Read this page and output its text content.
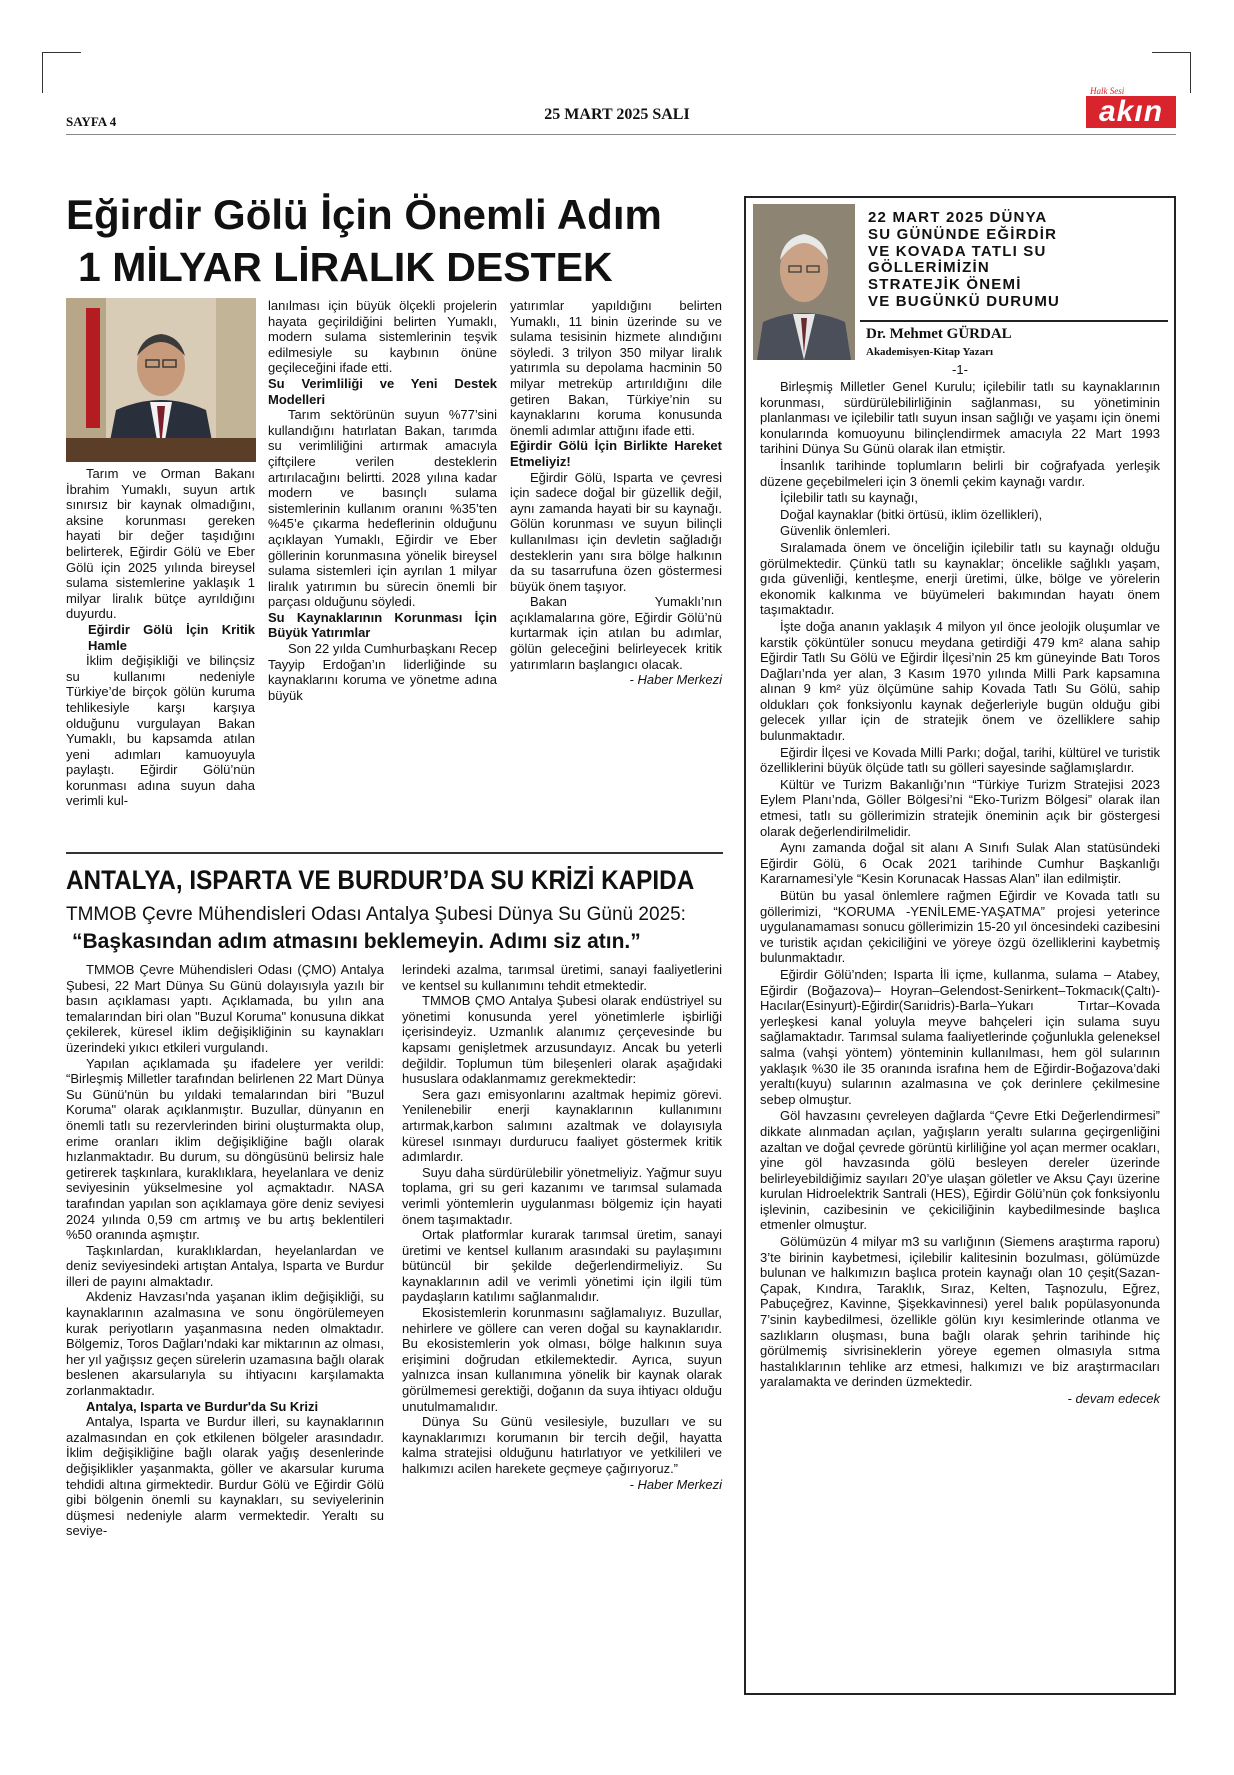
SAYFA 4	25 MART 2025 SALI
Halk Sesi
akın
Eğirdir Gölü İçin Önemli Adım
1 MİLYAR LİRALIK DESTEK

Tarım ve Orman Bakanı İbrahim Yumaklı, suyun artık sınırsız bir kaynak olmadığını, aksine korunması gereken hayati bir değer taşıdığını belirterek, Eğirdir Gölü ve Eber Gölü için 2025 yılında bireysel sulama sistemlerine yaklaşık 1 milyar liralık bütçe ayrıldığını duyurdu.

Eğirdir Gölü İçin Kritik Hamle

İklim değişikliği ve bilinçsiz su kullanımı nedeniyle Türkiye’de birçok gölün kuruma tehlikesiyle karşı karşıya olduğunu vurgulayan Bakan Yumaklı, bu kapsamda atılan yeni adımları kamuoyuyla paylaştı. Eğirdir Gölü’nün korunması adına suyun daha verimli kul-

lanılması için büyük ölçekli projelerin hayata geçirildiğini belirten Yumaklı, modern sulama sistemlerinin teşvik edilmesiyle su kaybının önüne geçileceğini ifade etti.

Su Verimliliği ve Yeni Destek Modelleri

Tarım sektörünün suyun %77’sini kullandığını hatırlatan Bakan, tarımda su verimliliğini artırmak amacıyla çiftçilere verilen desteklerin artırılacağını belirtti. 2028 yılına kadar modern ve basınçlı sulama sistemlerinin kullanım oranını %35’ten %45’e çıkarma hedeflerinin olduğunu açıklayan Yumaklı, Eğirdir ve Eber göllerinin korunmasına yönelik bireysel sulama sistemleri için ayrılan 1 milyar liralık yatırımın bu sürecin önemli bir parçası olduğunu söyledi.

Su Kaynaklarının Korunması İçin Büyük Yatırımlar

Son 22 yılda Cumhurbaşkanı Recep Tayyip Erdoğan’ın liderliğinde su kaynaklarını koruma ve yönetme adına büyük

yatırımlar yapıldığını belirten Yumaklı, 11 binin üzerinde su ve sulama tesisinin hizmete alındığını söyledi. 3 trilyon 350 milyar liralık yatırımla su depolama hacminin 50 milyar metreküp artırıldığını dile getiren Bakan, Türkiye’nin su kaynaklarını koruma konusunda önemli adımlar attığını ifade etti.

Eğirdir Gölü İçin Birlikte Hareket Etmeliyiz!

Eğirdir Gölü, Isparta ve çevresi için sadece doğal bir güzellik değil, aynı zamanda hayati bir su kaynağı. Gölün korunması ve suyun bilinçli kullanılması için devletin sağladığı desteklerin yanı sıra bölge halkının da su tasarrufuna özen göstermesi büyük önem taşıyor.

Bakan Yumaklı’nın açıklamalarına göre, Eğirdir Gölü’nü kurtarmak için atılan bu adımlar, gölün geleceğini belirleyecek kritik yatırımların başlangıcı olacak.

- Haber Merkezi

ANTALYA, ISPARTA VE BURDUR’DA SU KRİZİ KAPIDA
TMMOB Çevre Mühendisleri Odası Antalya Şubesi Dünya Su Günü 2025:
“Başkasından adım atmasını beklemeyin. Adımı siz atın.”

TMMOB Çevre Mühendisleri Odası (ÇMO) Antalya Şubesi, 22 Mart Dünya Su Günü dolayısıyla yazılı bir basın açıklaması yaptı. Açıklamada, bu yılın ana temalarından biri olan "Buzul Koruma" konusuna dikkat çekilerek, küresel iklim değişikliğinin su kaynakları üzerindeki yıkıcı etkileri vurgulandı.

Yapılan açıklamada şu ifadelere yer verildi: “Birleşmiş Milletler tarafından belirlenen 22 Mart Dünya Su Günü'nün bu yıldaki temalarından biri "Buzul Koruma" olarak açıklanmıştır. Buzullar, dünyanın en önemli tatlı su rezervlerinden birini oluşturmakta olup, erime oranları iklim değişikliğine bağlı olarak hızlanmaktadır. Bu durum, su döngüsünü belirsiz hale getirerek taşkınlara, kuraklıklara, heyelanlara ve deniz seviyesinin yükselmesine yol açmaktadır. NASA tarafından yapılan son açıklamaya göre deniz seviyesi 2024 yılında 0,59 cm artmış ve bu artış beklentileri %50 oranında aşmıştır.

Taşkınlardan, kuraklıklardan, heyelanlardan ve deniz seviyesindeki artıştan Antalya, Isparta ve Burdur illeri de payını almaktadır.

Akdeniz Havzası'nda yaşanan iklim değişikliği, su kaynaklarının azalmasına ve sonu öngörülemeyen kurak periyotların yaşanmasına neden olmaktadır. Bölgemiz, Toros Dağları'ndaki kar miktarının az olması, her yıl yağışsız geçen sürelerin uzamasına bağlı olarak beslenen akarsularıyla su ihtiyacını karşılamakta zorlanmaktadır.

Antalya, Isparta ve Burdur'da Su Krizi

Antalya, Isparta ve Burdur illeri, su kaynaklarının azalmasından en çok etkilenen bölgeler arasındadır. İklim değişikliğine bağlı olarak yağış desenlerinde değişiklikler yaşanmakta, göller ve akarsular kuruma tehdidi altına girmektedir. Burdur Gölü ve Eğirdir Gölü gibi bölgenin önemli su kaynakları, su seviyelerinin düşmesi nedeniyle alarm vermektedir. Yeraltı su seviye-

lerindeki azalma, tarımsal üretimi, sanayi faaliyetlerini ve kentsel su kullanımını tehdit etmektedir.

TMMOB ÇMO Antalya Şubesi olarak endüstriyel su yönetimi konusunda yerel yönetimlerle işbirliği içerisindeyiz. Uzmanlık alanımız çerçevesinde bu kapsamı genişletmek arzusundayız. Ancak bu yeterli değildir. Toplumun tüm bileşenleri olarak aşağıdaki hususlara odaklanmamız gerekmektedir:

Sera gazı emisyonlarını azaltmak hepimiz görevi. Yenilenebilir enerji kaynaklarının kullanımını artırmak,karbon salımını azaltmak ve dolayısıyla küresel ısınmayı durdurucu faaliyet göstermek kritik adımlardır.

Suyu daha sürdürülebilir yönetmeliyiz. Yağmur suyu toplama, gri su geri kazanımı ve tarımsal sulamada verimli yöntemlerin uygulanması bölgemiz için hayati önem taşımaktadır.

Ortak platformlar kurarak tarımsal üretim, sanayi üretimi ve kentsel kullanım arasındaki su paylaşımını bütüncül bir şekilde değerlendirmeliyiz. Su kaynaklarının adil ve verimli yönetimi için ilgili tüm paydaşların katılımı sağlanmalıdır.

Ekosistemlerin korunmasını sağlamalıyız. Buzullar, nehirlere ve göllere can veren doğal su kaynaklarıdır. Bu ekosistemlerin yok olması, bölge halkının suya erişimini doğrudan etkilemektedir. Ayrıca, suyun yalnızca insan kullanımına yönelik bir kaynak olarak görülmemesi gerektiği, doğanın da suya ihtiyacı olduğu unutulmamalıdır.

Dünya Su Günü vesilesiyle, buzulları ve su kaynaklarımızı korumanın bir tercih değil, hayatta kalma stratejisi olduğunu hatırlatıyor ve yetkilileri ve halkımızı acilen harekete geçmeye çağırıyoruz.”

- Haber Merkezi

22 MART 2025 DÜNYA
SU GÜNÜNDE EĞİRDİR
VE KOVADA TATLI SU
GÖLLERİMİZİN
STRATEJİK ÖNEMİ
VE BUGÜNKÜ DURUMU
Dr. Mehmet GÜRDAL
Akademisyen-Kitap Yazarı
-1-

Birleşmiş Milletler Genel Kurulu; içilebilir tatlı su kaynaklarının korunması, sürdürülebilirliğinin sağlanması, su yönetiminin planlanması ve içilebilir tatlı suyun insan sağlığı ve yaşamı için önemi konularında komuoyunu bilinçlendirmek amacıyla 22 Mart 1993 tarihini Dünya Su Günü olarak ilan etmiştir.

İnsanlık tarihinde toplumların belirli bir coğrafyada yerleşik düzene geçebilmeleri için 3 önemli çekim kaynağı vardır.

İçilebilir tatlı su kaynağı,

Doğal kaynaklar (bitki örtüsü, iklim özellikleri),

Güvenlik önlemleri.

Sıralamada önem ve önceliğin içilebilir tatlı su kaynağı olduğu görülmektedir. Çünkü tatlı su kaynaklar; öncelikle sağlıklı yaşam, gıda güvenliği, kentleşme, enerji üretimi, ülke, bölge ve yörelerin ekonomik kalkınma ve büyümeleri bakımından hayatı önem taşımaktadır.

İşte doğa ananın yaklaşık 4 milyon yıl önce jeolojik oluşumlar ve karstik çöküntüler sonucu meydana getirdiği 479 km² alana sahip Eğirdir Tatlı Su Gölü ve Eğirdir İlçesi’nin 25 km güneyinde Batı Toros Dağları’nda yer alan, 3 Kasım 1970 yılında Milli Park kapsamına alınan 9 km² yüz ölçümüne sahip Kovada Tatlı Su Gölü, sahip oldukları çok fonksiyonlu kaynak değerleriyle bugün olduğu gibi gelecek yıllar için de stratejik önem ve özelliklere sahip bulunmaktadır.

Eğirdir İlçesi ve Kovada Milli Parkı; doğal, tarihi, kültürel ve turistik özelliklerini büyük ölçüde tatlı su gölleri sayesinde sağlamışlardır.

Kültür ve Turizm Bakanlığı’nın “Türkiye Turizm Stratejisi 2023 Eylem Planı’nda, Göller Bölgesi’ni “Eko-Turizm Bölgesi” olarak ilan etmesi, tatlı su göllerimizin stratejik öneminin açık bir göstergesi olarak değerlendirilmelidir.

Aynı zamanda doğal sit alanı A Sınıfı Sulak Alan statüsündeki Eğirdir Gölü, 6 Ocak 2021 tarihinde Cumhur Başkanlığı Kararnamesi’yle “Kesin Korunacak Hassas Alan” ilan edilmiştir.

Bütün bu yasal önlemlere rağmen Eğirdir ve Kovada tatlı su göllerimizi, “KORUMA -YENİLEME-YAŞATMA” projesi yeterince uygulanamaması sonucu göllerimizin 15-20 yıl öncesindeki cazibesini ve turistik açıdan çekiciliğini ve yöreye özgü özelliklerini kaybetmiş bulunmaktadır.

Eğirdir Gölü’nden; Isparta İli içme, kullanma, sulama – Atabey, Eğirdir (Boğazova)– Hoyran–Gelendost-Senirkent–Tokmacık(Çaltı)-Hacılar(Esinyurt)-Eğirdir(Sarıidris)-Barla–Yukarı Tırtar–Kovada yerleşkesi kanal yoluyla meyve bahçeleri için sulama suyu sağlamaktadır. Tarımsal sulama faaliyetlerinde çoğunlukla geleneksel salma (vahşi yöntem) yönteminin kullanılması, hem göl sularının yaklaşık %30 ile 35 oranında israfına hem de Eğirdir-Boğazova’daki yeraltı(kuyu) sularının azalmasına ve çok derinlere çekilmesine sebep olmuştur.

Göl havzasını çevreleyen dağlarda “Çevre Etki Değerlendirmesi” dikkate alınmadan açılan, yağışların yeraltı sularına geçirgenliğini azaltan ve doğal çevrede görüntü kirliliğine yol açan mermer ocakları, yine göl havzasında gölü besleyen dereler üzerinde belirleyebildiğimiz sayıları 20’ye ulaşan göletler ve Aksu Çayı üzerine kurulan Hidroelektrik Santrali (HES), Eğirdir Gölü’nün çok fonksiyonlu işlevinin, cazibesinin ve çekiciliğinin kaybedilmesinde başlıca etmenler olmuştur.

Gölümüzün 4 milyar m3 su varlığının (Siemens araştırma raporu) 3’te birinin kaybetmesi, içilebilir kalitesinin bozulması, gölümüzde bulunan ve halkımızın başlıca protein kaynağı olan 10 çeşit(Sazan-Çapak, Kındıra, Taraklık, Sıraz, Kelten, Taşnozulu, Eğrez, Pabuçeğrez, Kavinne, Şişekkavinnesi) yerel balık popülasyonunda 7’sinin kaybedilmesi, özellikle gölün kıyı kesimlerinde otlanma ve sazlıkların oluşması, buna bağlı olarak şehrin tarihinde hiç görülmemiş sivrisineklerin yöreye egemen olmasıyla sıtma hastalıklarının tehlike arz etmesi, halkımızı ve biz araştırmacıları yaralamakta ve derinden üzmektedir.

- devam edecek
